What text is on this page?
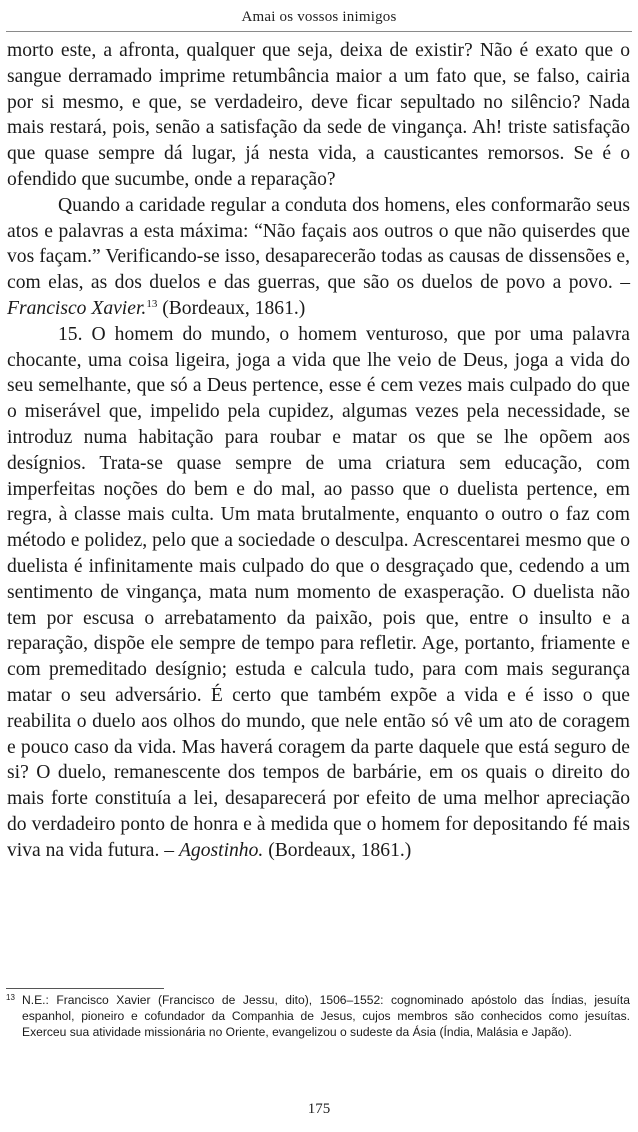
Amai os vossos inimigos

morto este, a afronta, qualquer que seja, deixa de existir? Não é exato que o sangue derramado imprime retumbância maior a um fato que, se falso, cairia por si mesmo, e que, se verdadeiro, deve ficar sepultado no silêncio? Nada mais restará, pois, senão a satisfação da sede de vingança. Ah! triste satisfação que quase sempre dá lugar, já nesta vida, a causticantes remorsos. Se é o ofendido que sucumbe, onde a reparação?

Quando a caridade regular a conduta dos homens, eles conformarão seus atos e palavras a esta máxima: “Não façais aos outros o que não quiserdes que vos façam.” Verificando-se isso, desaparecerão todas as causas de dissensões e, com elas, as dos duelos e das guerras, que são os duelos de povo a povo. – Francisco Xavier.$^{13}$ (Bordeaux, 1861.)

15. O homem do mundo, o homem venturoso, que por uma palavra chocante, uma coisa ligeira, joga a vida que lhe veio de Deus, joga a vida do seu semelhante, que só a Deus pertence, esse é cem vezes mais culpado do que o miserável que, impelido pela cupidez, algumas vezes pela necessidade, se introduz numa habitação para roubar e matar os que se lhe opõem aos desígnios. Trata-se quase sempre de uma criatura sem educação, com imperfeitas noções do bem e do mal, ao passo que o duelista pertence, em regra, à classe mais culta. Um mata brutalmente, enquanto o outro o faz com método e polidez, pelo que a sociedade o desculpa. Acrescentarei mesmo que o duelista é infinitamente mais culpado do que o desgraçado que, cedendo a um sentimento de vingança, mata num momento de exasperação. O duelista não tem por escusa o arrebatamento da paixão, pois que, entre o insulto e a reparação, dispõe ele sempre de tempo para refletir. Age, portanto, friamente e com premeditado desígnio; estuda e calcula tudo, para com mais segurança matar o seu adversário. É certo que também expõe a vida e é isso o que reabilita o duelo aos olhos do mundo, que nele então só vê um ato de coragem e pouco caso da vida. Mas haverá coragem da parte daquele que está seguro de si? O duelo, remanescente dos tempos de barbárie, em os quais o direito do mais forte constituía a lei, desaparecerá por efeito de uma melhor apreciação do verdadeiro ponto de honra e à medida que o homem for depositando fé mais viva na vida futura. – Agostinho. (Bordeaux, 1861.)

13 N.E.: Francisco Xavier (Francisco de Jessu, dito), 1506–1552: cognominado apóstolo das Índias, jesuíta espanhol, pioneiro e cofundador da Companhia de Jesus, cujos membros são conhecidos como jesuítas. Exerceu sua atividade missionária no Oriente, evangelizou o sudeste da Ásia (Índia, Malásia e Japão).

175
